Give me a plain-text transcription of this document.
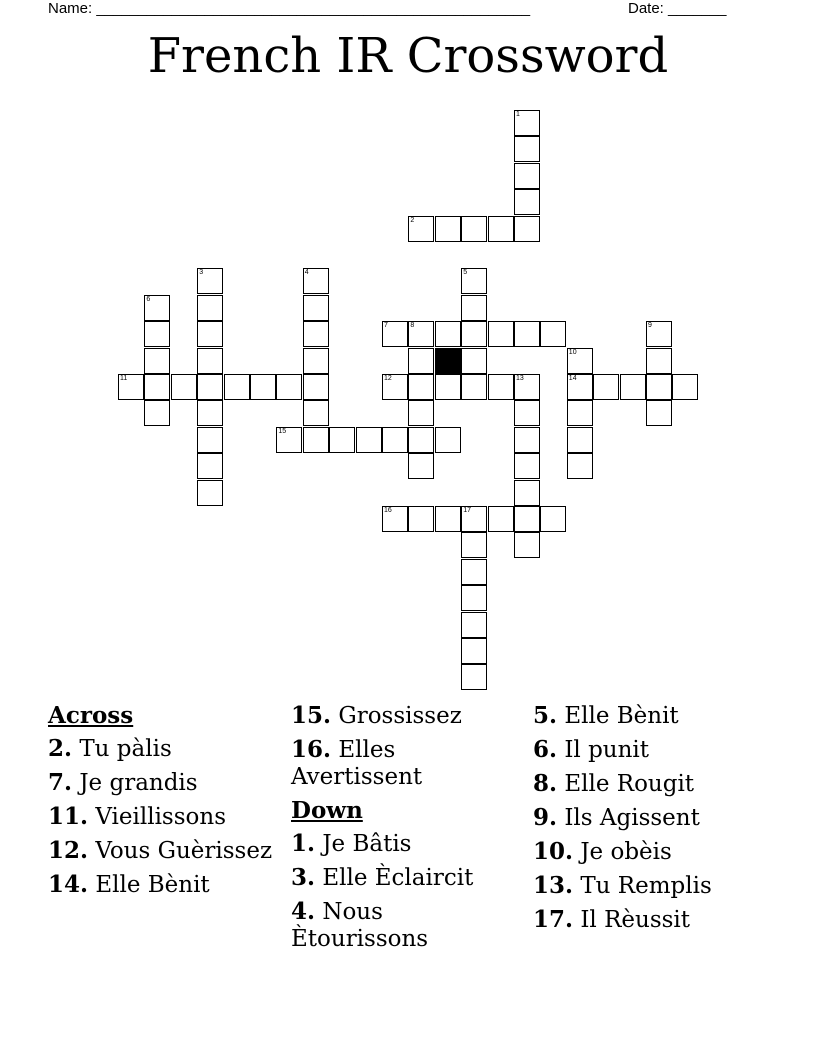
Name: ____________________________________________________	Date: _______
French IR Crossword
1
2
3	4	5
6
7	8	9
10
14
11	12	13
15
16	17
Across
2. Tu pàlis
7. Je grandis
11. Vieillissons
12. Vous Guèrissez
14. Elle Bènit
15. Grossissez
16. Elles Avertissent
Down
1. Je Bâtis
3. Elle Èclaircit
4. Nous Ètourissons
5. Elle Bènit
6. Il punit
8. Elle Rougit
9. Ils Agissent
10. Je obèis
13. Tu Remplis
17. Il Rèussit
